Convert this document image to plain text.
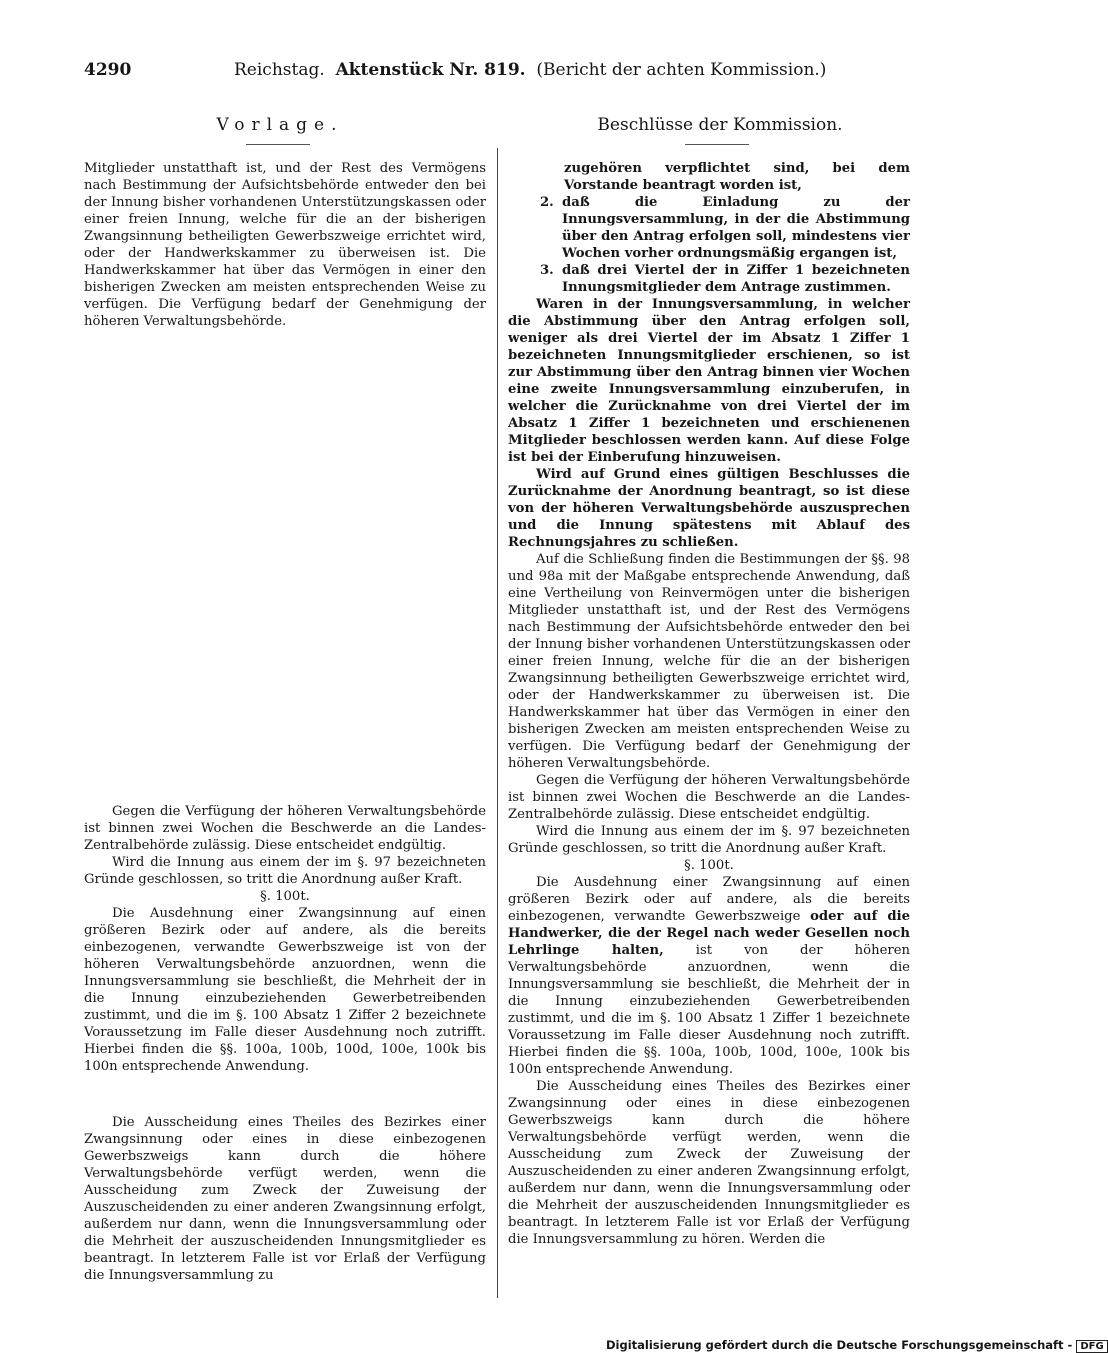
4290	Reichstag. Aktenstück Nr. 819. (Bericht der achten Kommission.)
Vorlage.	Beschlüsse der Kommission.

Mitglieder unstatthaft ist, und der Rest des Vermögens nach Bestimmung der Aufsichtsbehörde entweder den bei der Innung bisher vorhandenen Unterstützungskassen oder einer freien Innung, welche für die an der bisherigen Zwangsinnung betheiligten Gewerbszweige errichtet wird, oder der Handwerkskammer zu überweisen ist. Die Handwerkskammer hat über das Vermögen in einer den bisherigen Zwecken am meisten entsprechenden Weise zu verfügen. Die Verfügung bedarf der Genehmigung der höheren Verwaltungsbehörde.

Gegen die Verfügung der höheren Verwaltungsbehörde ist binnen zwei Wochen die Beschwerde an die Landes-Zentralbehörde zulässig. Diese entscheidet endgültig.

Wird die Innung aus einem der im §. 97 bezeichneten Gründe geschlossen, so tritt die Anordnung außer Kraft.

§. 100t.

Die Ausdehnung einer Zwangsinnung auf einen größeren Bezirk oder auf andere, als die bereits einbezogenen, verwandte Gewerbszweige ist von der höheren Verwaltungsbehörde anzuordnen, wenn die Innungsversammlung sie beschließt, die Mehrheit der in die Innung einzubeziehenden Gewerbetreibenden zustimmt, und die im §. 100 Absatz 1 Ziffer 2 bezeichnete Voraussetzung im Falle dieser Ausdehnung noch zutrifft. Hierbei finden die §§. 100a, 100b, 100d, 100e, 100k bis 100n entsprechende Anwendung.

Die Ausscheidung eines Theiles des Bezirkes einer Zwangsinnung oder eines in diese einbezogenen Gewerbszweigs kann durch die höhere Verwaltungsbehörde verfügt werden, wenn die Ausscheidung zum Zweck der Zuweisung der Auszuscheidenden zu einer anderen Zwangsinnung erfolgt, außerdem nur dann, wenn die Innungsversammlung oder die Mehrheit der auszuscheidenden Innungsmitglieder es beantragt. In letzterem Falle ist vor Erlaß der Verfügung die Innungsversammlung zu

zugehören verpflichtet sind, bei dem Vorstande beantragt worden ist,

2. daß die Einladung zu der Innungsversammlung, in der die Abstimmung über den Antrag erfolgen soll, mindestens vier Wochen vorher ordnungsmäßig ergangen ist,
3. daß drei Viertel der in Ziffer 1 bezeichneten Innungsmitglieder dem Antrage zustimmen.

Waren in der Innungsversammlung, in welcher die Abstimmung über den Antrag erfolgen soll, weniger als drei Viertel der im Absatz 1 Ziffer 1 bezeichneten Innungsmitglieder erschienen, so ist zur Abstimmung über den Antrag binnen vier Wochen eine zweite Innungsversammlung einzuberufen, in welcher die Zurücknahme von drei Viertel der im Absatz 1 Ziffer 1 bezeichneten und erschienenen Mitglieder beschlossen werden kann. Auf diese Folge ist bei der Einberufung hinzuweisen.

Wird auf Grund eines gültigen Beschlusses die Zurücknahme der Anordnung beantragt, so ist diese von der höheren Verwaltungsbehörde auszusprechen und die Innung spätestens mit Ablauf des Rechnungsjahres zu schließen.

Auf die Schließung finden die Bestimmungen der §§. 98 und 98a mit der Maßgabe entsprechende Anwendung, daß eine Vertheilung von Reinvermögen unter die bisherigen Mitglieder unstatthaft ist, und der Rest des Vermögens nach Bestimmung der Aufsichtsbehörde entweder den bei der Innung bisher vorhandenen Unterstützungskassen oder einer freien Innung, welche für die an der bisherigen Zwangsinnung betheiligten Gewerbszweige errichtet wird, oder der Handwerkskammer zu überweisen ist. Die Handwerkskammer hat über das Vermögen in einer den bisherigen Zwecken am meisten entsprechenden Weise zu verfügen. Die Verfügung bedarf der Genehmigung der höheren Verwaltungsbehörde.

Gegen die Verfügung der höheren Verwaltungsbehörde ist binnen zwei Wochen die Beschwerde an die Landes-Zentralbehörde zulässig. Diese entscheidet endgültig.

Wird die Innung aus einem der im §. 97 bezeichneten Gründe geschlossen, so tritt die Anordnung außer Kraft.

§. 100t.

Die Ausdehnung einer Zwangsinnung auf einen größeren Bezirk oder auf andere, als die bereits einbezogenen, verwandte Gewerbszweige oder auf die Handwerker, die der Regel nach weder Gesellen noch Lehrlinge halten, ist von der höheren Verwaltungsbehörde anzuordnen, wenn die Innungsversammlung sie beschließt, die Mehrheit der in die Innung einzubeziehenden Gewerbetreibenden zustimmt, und die im §. 100 Absatz 1 Ziffer 1 bezeichnete Voraussetzung im Falle dieser Ausdehnung noch zutrifft. Hierbei finden die §§. 100a, 100b, 100d, 100e, 100k bis 100n entsprechende Anwendung.

Die Ausscheidung eines Theiles des Bezirkes einer Zwangsinnung oder eines in diese einbezogenen Gewerbszweigs kann durch die höhere Verwaltungsbehörde verfügt werden, wenn die Ausscheidung zum Zweck der Zuweisung der Auszuscheidenden zu einer anderen Zwangsinnung erfolgt, außerdem nur dann, wenn die Innungsversammlung oder die Mehrheit der auszuscheidenden Innungsmitglieder es beantragt. In letzterem Falle ist vor Erlaß der Verfügung die Innungsversammlung zu hören. Werden die

Digitalisierung gefördert durch die Deutsche Forschungsgemeinschaft - DFG
